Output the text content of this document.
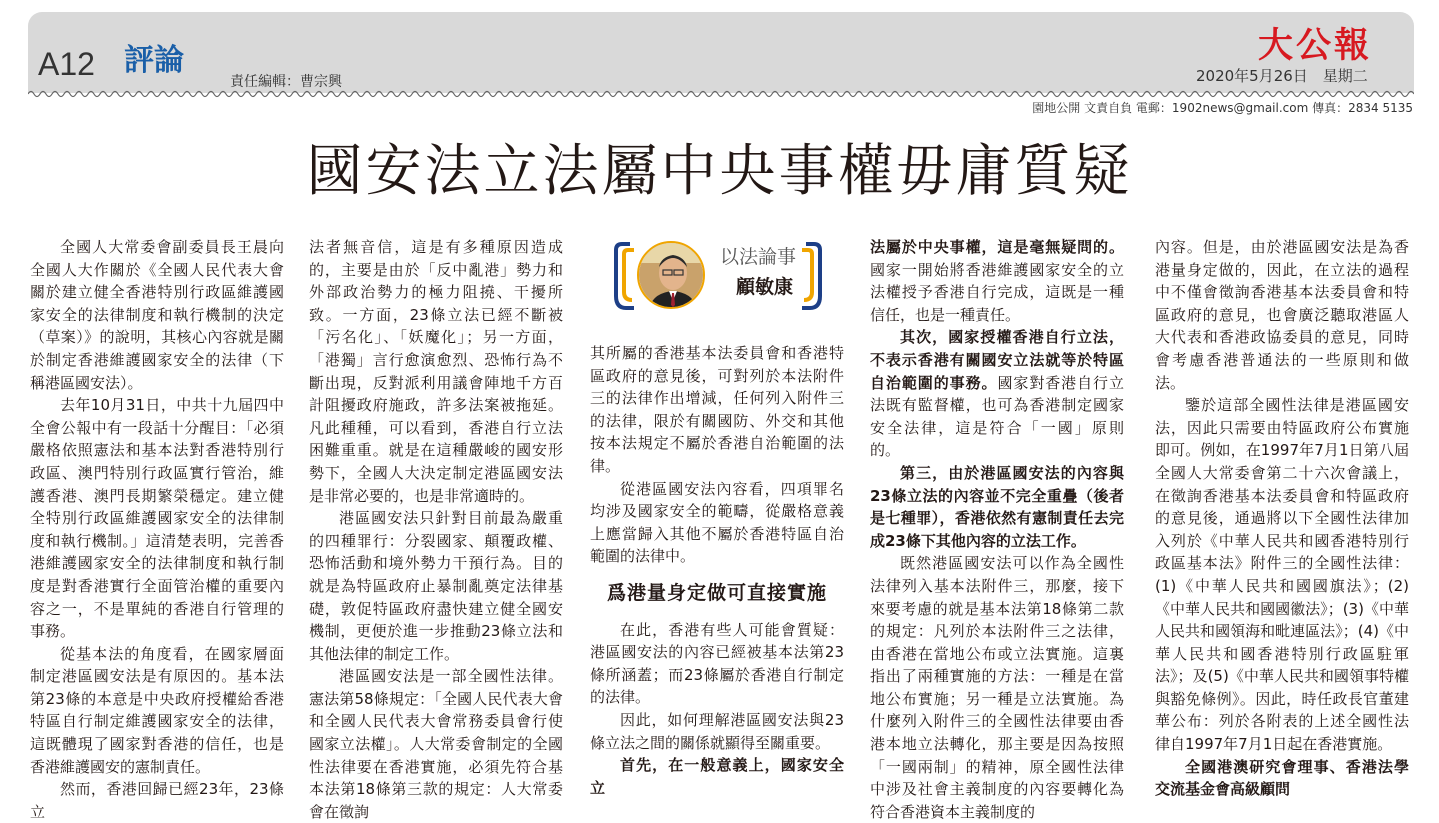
A12 評論
責任編輯：曹宗興
大公報
2020年5月26日　星期二
園地公開 文責自負 電郵：1902news@gmail.com 傳真：2834 5135
國安法立法屬中央事權毋庸質疑
以法論事
顧敏康

全國人大常委會副委員長王晨向全國人大作關於《全國人民代表大會關於建立健全香港特別行政區維護國家安全的法律制度和執行機制的決定（草案）》的說明，其核心內容就是關於制定香港維護國家安全的法律（下稱港區國安法）。

去年10月31日，中共十九屆四中全會公報中有一段話十分醒目：「必須嚴格依照憲法和基本法對香港特別行政區、澳門特別行政區實行管治，維護香港、澳門長期繁榮穩定。建立健全特別行政區維護國家安全的法律制度和執行機制。」這清楚表明，完善香港維護國家安全的法律制度和執行制度是對香港實行全面管治權的重要內容之一，不是單純的香港自行管理的事務。

從基本法的角度看，在國家層面制定港區國安法是有原因的。基本法第23條的本意是中央政府授權給香港特區自行制定維護國家安全的法律，這既體現了國家對香港的信任，也是香港維護國安的憲制責任。

然而，香港回歸已經23年，23條立

法者無音信，這是有多種原因造成的，主要是由於「反中亂港」勢力和外部政治勢力的極力阻撓、干擾所致。一方面，23條立法已經不斷被「污名化」、「妖魔化」；另一方面，「港獨」言行愈演愈烈、恐怖行為不斷出現，反對派利用議會陣地千方百計阻擾政府施政，許多法案被拖延。凡此種種，可以看到，香港自行立法困難重重。就是在這種嚴峻的國安形勢下，全國人大決定制定港區國安法是非常必要的，也是非常適時的。

港區國安法只針對目前最為嚴重的四種罪行：分裂國家、顛覆政權、恐怖活動和境外勢力干預行為。目的就是為特區政府止暴制亂奠定法律基礎，敦促特區政府盡快建立健全國安機制，更便於進一步推動23條立法和其他法律的制定工作。

港區國安法是一部全國性法律。憲法第58條規定：「全國人民代表大會和全國人民代表大會常務委員會行使國家立法權」。人大常委會制定的全國性法律要在香港實施，必須先符合基本法第18條第三款的規定：人大常委會在徵詢

其所屬的香港基本法委員會和香港特區政府的意見後，可對列於本法附件三的法律作出增減，任何列入附件三的法律，限於有關國防、外交和其他按本法規定不屬於香港自治範圍的法律。

從港區國安法內容看，四項罪名均涉及國家安全的範疇，從嚴格意義上應當歸入其他不屬於香港特區自治範圍的法律中。

爲港量身定做可直接實施

在此，香港有些人可能會質疑：港區國安法的內容已經被基本法第23條所涵蓋；而23條屬於香港自行制定的法律。

因此，如何理解港區國安法與23條立法之間的關係就顯得至關重要。

首先，在一般意義上，國家安全立

法屬於中央事權，這是毫無疑問的。國家一開始將香港維護國家安全的立法權授予香港自行完成，這既是一種信任，也是一種責任。

其次，國家授權香港自行立法，不表示香港有關國安立法就等於特區自治範圍的事務。國家對香港自行立法既有監督權，也可為香港制定國家安全法律，這是符合「一國」原則的。

第三，由於港區國安法的內容與23條立法的內容並不完全重疊（後者是七種罪），香港依然有憲制責任去完成23條下其他內容的立法工作。

既然港區國安法可以作為全國性法律列入基本法附件三，那麼，接下來要考慮的就是基本法第18條第二款的規定：凡列於本法附件三之法律，由香港在當地公布或立法實施。這裏指出了兩種實施的方法：一種是在當地公布實施；另一種是立法實施。為什麼列入附件三的全國性法律要由香港本地立法轉化，那主要是因為按照「一國兩制」的精神，原全國性法律中涉及社會主義制度的內容要轉化為符合香港資本主義制度的

內容。但是，由於港區國安法是為香港量身定做的，因此，在立法的過程中不僅會徵詢香港基本法委員會和特區政府的意見，也會廣泛聽取港區人大代表和香港政協委員的意見，同時會考慮香港普通法的一些原則和做法。

鑒於這部全國性法律是港區國安法，因此只需要由特區政府公布實施即可。例如，在1997年7月1日第八屆全國人大常委會第二十六次會議上，在徵詢香港基本法委員會和特區政府的意見後，通過將以下全國性法律加入列於《中華人民共和國香港特別行政區基本法》附件三的全國性法律：(1)《中華人民共和國國旗法》；(2)《中華人民共和國國徽法》；(3)《中華人民共和國領海和毗連區法》；(4)《中華人民共和國香港特別行政區駐軍法》；及(5)《中華人民共和國領事特權與豁免條例》。因此，時任政長官董建華公布：列於各附表的上述全國性法律自1997年7月1日起在香港實施。

全國港澳研究會理事、香港法學交流基金會高級顧問
